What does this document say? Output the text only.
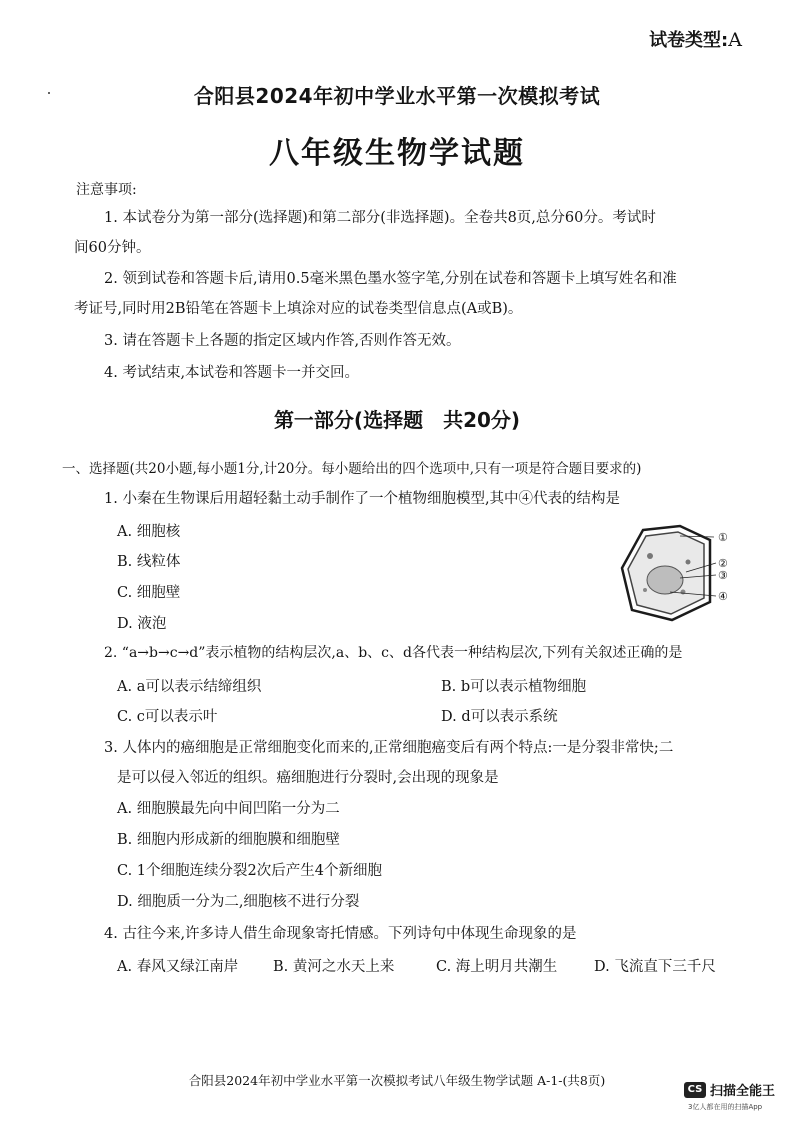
试卷类型:A
合阳县2024年初中学业水平第一次模拟考试
八年级生物学试题
注意事项:
1. 本试卷分为第一部分(选择题)和第二部分(非选择题)。全卷共8页,总分60分。考试时
间60分钟。
2. 领到试卷和答题卡后,请用0.5毫米黑色墨水签字笔,分别在试卷和答题卡上填写姓名和准
考证号,同时用2B铅笔在答题卡上填涂对应的试卷类型信息点(A或B)。
3. 请在答题卡上各题的指定区域内作答,否则作答无效。
4. 考试结束,本试卷和答题卡一并交回。
第一部分(选择题　共20分)
一、选择题(共20小题,每小题1分,计20分。每小题给出的四个选项中,只有一项是符合题目要求的)
1. 小秦在生物课后用超轻黏土动手制作了一个植物细胞模型,其中④代表的结构是
A. 细胞核
B. 线粒体
C. 细胞壁
D. 液泡
①
②
③
④
2. “a→b→c→d”表示植物的结构层次,a、b、c、d各代表一种结构层次,下列有关叙述正确的是
A. a可以表示结缔组织	B. b可以表示植物细胞
C. c可以表示叶	D. d可以表示系统
3. 人体内的癌细胞是正常细胞变化而来的,正常细胞癌变后有两个特点:一是分裂非常快;二
是可以侵入邻近的组织。癌细胞进行分裂时,会出现的现象是
A. 细胞膜最先向中间凹陷一分为二
B. 细胞内形成新的细胞膜和细胞壁
C. 1个细胞连续分裂2次后产生4个新细胞
D. 细胞质一分为二,细胞核不进行分裂
4. 古往今来,许多诗人借生命现象寄托情感。下列诗句中体现生命现象的是
A. 春风又绿江南岸 B. 黄河之水天上来	C. 海上明月共潮生	D. 飞流直下三千尺
合阳县2024年初中学业水平第一次模拟考试八年级生物学试题 A-1-(共8页)
CS 扫描全能王
3亿人都在用的扫描App
